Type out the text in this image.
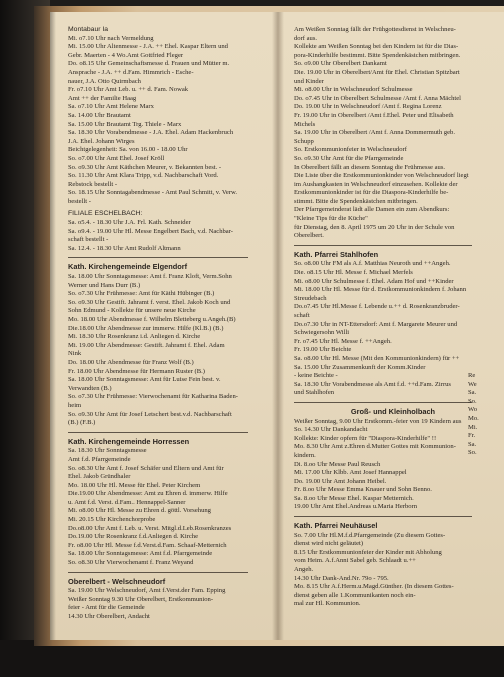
Montabaur Ia
Mi. o7.10 Uhr nach Vermeldung
Mi. 15.00 Uhr Altenmesse - J.A. ++ Ehel. Kaspar Eltern und
Gebr. Maerten - 4 Wo.Amt Gottfried Fleger
Do. o8.15 Uhr Gemeinschaftsmesse d. Frauen und Mütter m.
Ansprache - J.A. ++ d.Fam. Himmrich - Esche-
nauer, J.A. Otto Quirmbach
Fr. o7.10 Uhr Amt Leb. u. ++ d. Fam. Nowak
Amt ++ der Familie Haag
Sa. o7.10 Uhr Amt Helene Marx
Sa. 14.00 Uhr Brautamt
Sa. 15.00 Uhr Brautamt Trg. Thiele - Marx
Sa. 18.30 Uhr Vorabendmesse - J.A. Ehel. Adam Hackenbruch
J.A. Ehel. Johann Wirges
Beichtgelegenheit: Sa. von 16.00 - 18.00 Uhr
So. o7.00 Uhr Amt Ehel. Josef Kröll
So. o9.30 Uhr Amt Käthchen Meurer, v. Bekannten best. -
So. 11.30 Uhr Amt Klara Tripp, v.d. Nachbarschaft Vord.
Rebstock bestellt -
So. 18.15 Uhr Sonntagabendmesse - Amt Paul Schmitt, v. Verw.
bestellt -
FILIALE ESCHELBACH:
Sa. o5.4. - 18.30 Uhr J.A. Frl. Kath. Schneider
Sa. o9.4. - 19.00 Uhr Hl. Messe Engelbert Bach, v.d. Nachbar-
schaft bestellt -
Sa. 12.4. - 18.30 Uhr Amt Rudolf Altmann
Kath. Kirchengemeinde Elgendorf
Sa. 18.00 Uhr Sonntagsmesse: Amt f. Franz Kloft, Verm.Sohn
Werner und Hans Durr (B.)
So. o7.30 Uhr Frühmesse: Amt für Käthi Hübinger (B.)
So. o9.30 Uhr Gestift. Jahramt f. verst. Ehel. Jakob Koch und
Sohn Edmund - Kollekte für unsere neue Kirche
Mo. 18.00 Uhr Abendmesse f. Wilhelm Bletteberg u.Angeh.(B)
Die.18.00 Uhr Abendmesse zur immerw. Hilfe (Kl.B.) (B.)
Mi. 18.30 Uhr Rosenkranz i.d. Anliegen d. Kirche
Mi. 19.00 Uhr Abendmesse: Gestift. Jahramt f. Ehel. Adam
Nink
Do. 18.00 Uhr Abendmesse für Franz Wolf (B.)
Fr. 18.00 Uhr Abendmesse für Hermann Ruster (B.)
Sa. 18.00 Uhr Sonntagsmesse: Amt für Luise Fein best. v.
Verwandten (B.)
So. o7.30 Uhr Frühmesse: Vierwochenamt für Katharina Baden-
heim
So. o9.30 Uhr Amt für Josef Letschert best.v.d. Nachbarschaft
(B.) (F.B.)
Kath. Kirchengemeinde Horressen
Sa. 18.30 Uhr Sonntagsmesse
Amt f.d. Pfarrgemeinde
So. o8.30 Uhr Amt f. Josef Schäfer und Eltern und Amt für
Ehel. Jakob Gründhaler
Mo. 18.00 Uhr Hl. Messe für Ehel. Peter Kirchem
Die.19.00 Uhr Abendmesse: Amt zu Ehren d. immerw. Hilfe
u. Amt f.d. Verst. d.Fam.. Hennappel-Sanner
Mi. o8.00 Uhr Hl. Messe zu Ehren d. göttl. Vorsehung
Mi. 20.15 Uhr Kirchenchorprobe
Do.o8.00 Uhr Amt f. Leb. u. Verst. Mitgl.d.Leb.Rosenkranzes
Do.19.00 Uhr Rosenkranz f.d.Anliegen d. Kirche
Fr. o8.00 Uhr Hl. Messe f.d.Verst.d.Fam. Schaaf-Metternich
Sa. 18.00 Uhr Sonntagsmesse: Amt f.d. Pfarrgemeinde
So. o8.30 Uhr Vierwochenamt f. Franz Weyand
Oberelbert - Welschneudorf
Sa. 19.00 Uhr Welschneudorf, Amt f.Verst.der Fam. Epping
Weißer Sonntag 9.30 Uhr Oberelbert, Erstkommunion-
feier - Amt für die Gemeinde
14.30 Uhr Oberelbert, Andacht
Am Weißen Sonntag fällt der Frühgottesdienst in Welschneu-
dorf aus.
Kollekte am Weißen Sonntag bei den Kindern ist für die Dias-
pora-Kinderhilfe bestimmt. Bitte Spendenkästchen mitbringen.
So. o9.00 Uhr Oberelbert Dankamt
Die. 19.00 Uhr in Oberelbert/Amt für Ehel. Christian Spitzbart
und Kinder
Mi. o8.00 Uhr in Welschneudorf Schulmesse
Do. o7.45 Uhr in Oberelbert Schulmesse /Amt f. Anna Mächtel
Do. 19.00 Uhr in Welschneudorf /Amt f. Regina Lorenz
Fr. 19.00 Uhr in Oberelbert /Amt f.Ehel. Peter und Elisabeth
Michels
Sa. 19.00 Uhr in Oberelbert /Amt f. Anna Dommermuth geb.
Schupp
So. Erstkommunionfeier in Welschneudorf
So. o9.30 Uhr Amt für die Pfarrgemeinde
In Oberelbert fällt an diesem Sonntag die Frühmesse aus.
Die Liste über die Erstkommunionkinder von Welschneudorf liegt
im Aushangkasten in Welschneudorf einzusehen. Kollekte der
Erstkommunionkinder ist für die Diaspora-Kinderhilfe be-
stimmt. Bitte die Spendenkästchen mitbringen.
Der Pfarrgemeinderat lädt alle Damen ein zum Abendkurs:
"Kleine Tips für die Küche"
für Dienstag, den 8. April 1975 um 20 Uhr in der Schule von
Oberelbert.
Kath. Pfarrei Stahlhofen
So. o8.00 Uhr FM als A.f. Matthias Neuroth und ++Angeh.
Die. o8.15 Uhr Hl. Messe f. Michael Merfels
Mi. o8.00 Uhr Schulmesse f. Ehel. Adam Hof und ++Kinder
Mi. 18.00 Uhr Hl. Messe für d. Erstkommunionkindern f. Johann
Streudebach
Do.o7.45 Uhr Hl.Messe f. Lebende u.++ d. Rosenkranzbruder-
schaft
Do.o7.30 Uhr in NT-Ettersdorf: Amt f. Margarete Meurer und
Schwiegersohn Willi
Fr. o7.45 Uhr Hl. Messe f. ++Angeh.
Fr. 19.00 Uhr Beichte
Sa. o8.00 Uhr Hl. Messe (Mit den Kommunionkindern) für ++
Sa. 15.00 Uhr Zusammenkunft der Komm.Kinder
- keine Beichte -
Sa. 18.30 Uhr Vorabendmesse als Amt f.d. ++d.Fam. Zirrus
und Stahlhofen
Groß- und Kleinholbach
Weißer Sonntag, 9.00 Uhr Erstkomm.-feier von 19 Kindern aus
So. 14.30 Uhr Dankandacht
Kollekte: Kinder opfern für "Diaspora-Kinderhilfe" !!
Mo. 8.30 Uhr Amt z.Ehren d.Mutter Gottes mit Kommunion-
kindern.
Di. 8.oo Uhr Messe Paul Reusch
Mi. 17.00 Uhr Klbb. Amt Josef Hannappel
Do. 19.00 Uhr Amt Johann Heibel.
Fr. 8.oo Uhr Messe Emma Knauer und Sohn Benno.
Sa. 8.oo Uhr Messe Ehel. Kaspar Metternich.
19.00 Uhr Amt Ehel.Andreas u.Maria Herborn
Kath. Pfarrei Neuhäusel
So. 7.00 Uhr Hl.M.f.d.Pfarrgemeinde (Zu diesem Gottes-
dienst wird nicht geläutet)
8.15 Uhr Erstkommunionfeier der Kinder mit Abholung
vom Heim. A.f.Anni Sabel geb. Schlaadt u.++
Angeh.
14.30 Uhr Dank-And.Nr. 79o - 795.
Mo. 8.15 Uhr A.f.Herm.u.Magd.Günther. (In diesem Gottes-
dienst geben alle 1.Kommunikanten noch ein-
mal zur Hl. Kommunion.
Re
We
Sa.
So.
Wo
Mo.
Mi.
Fr.
Sa.
So.
